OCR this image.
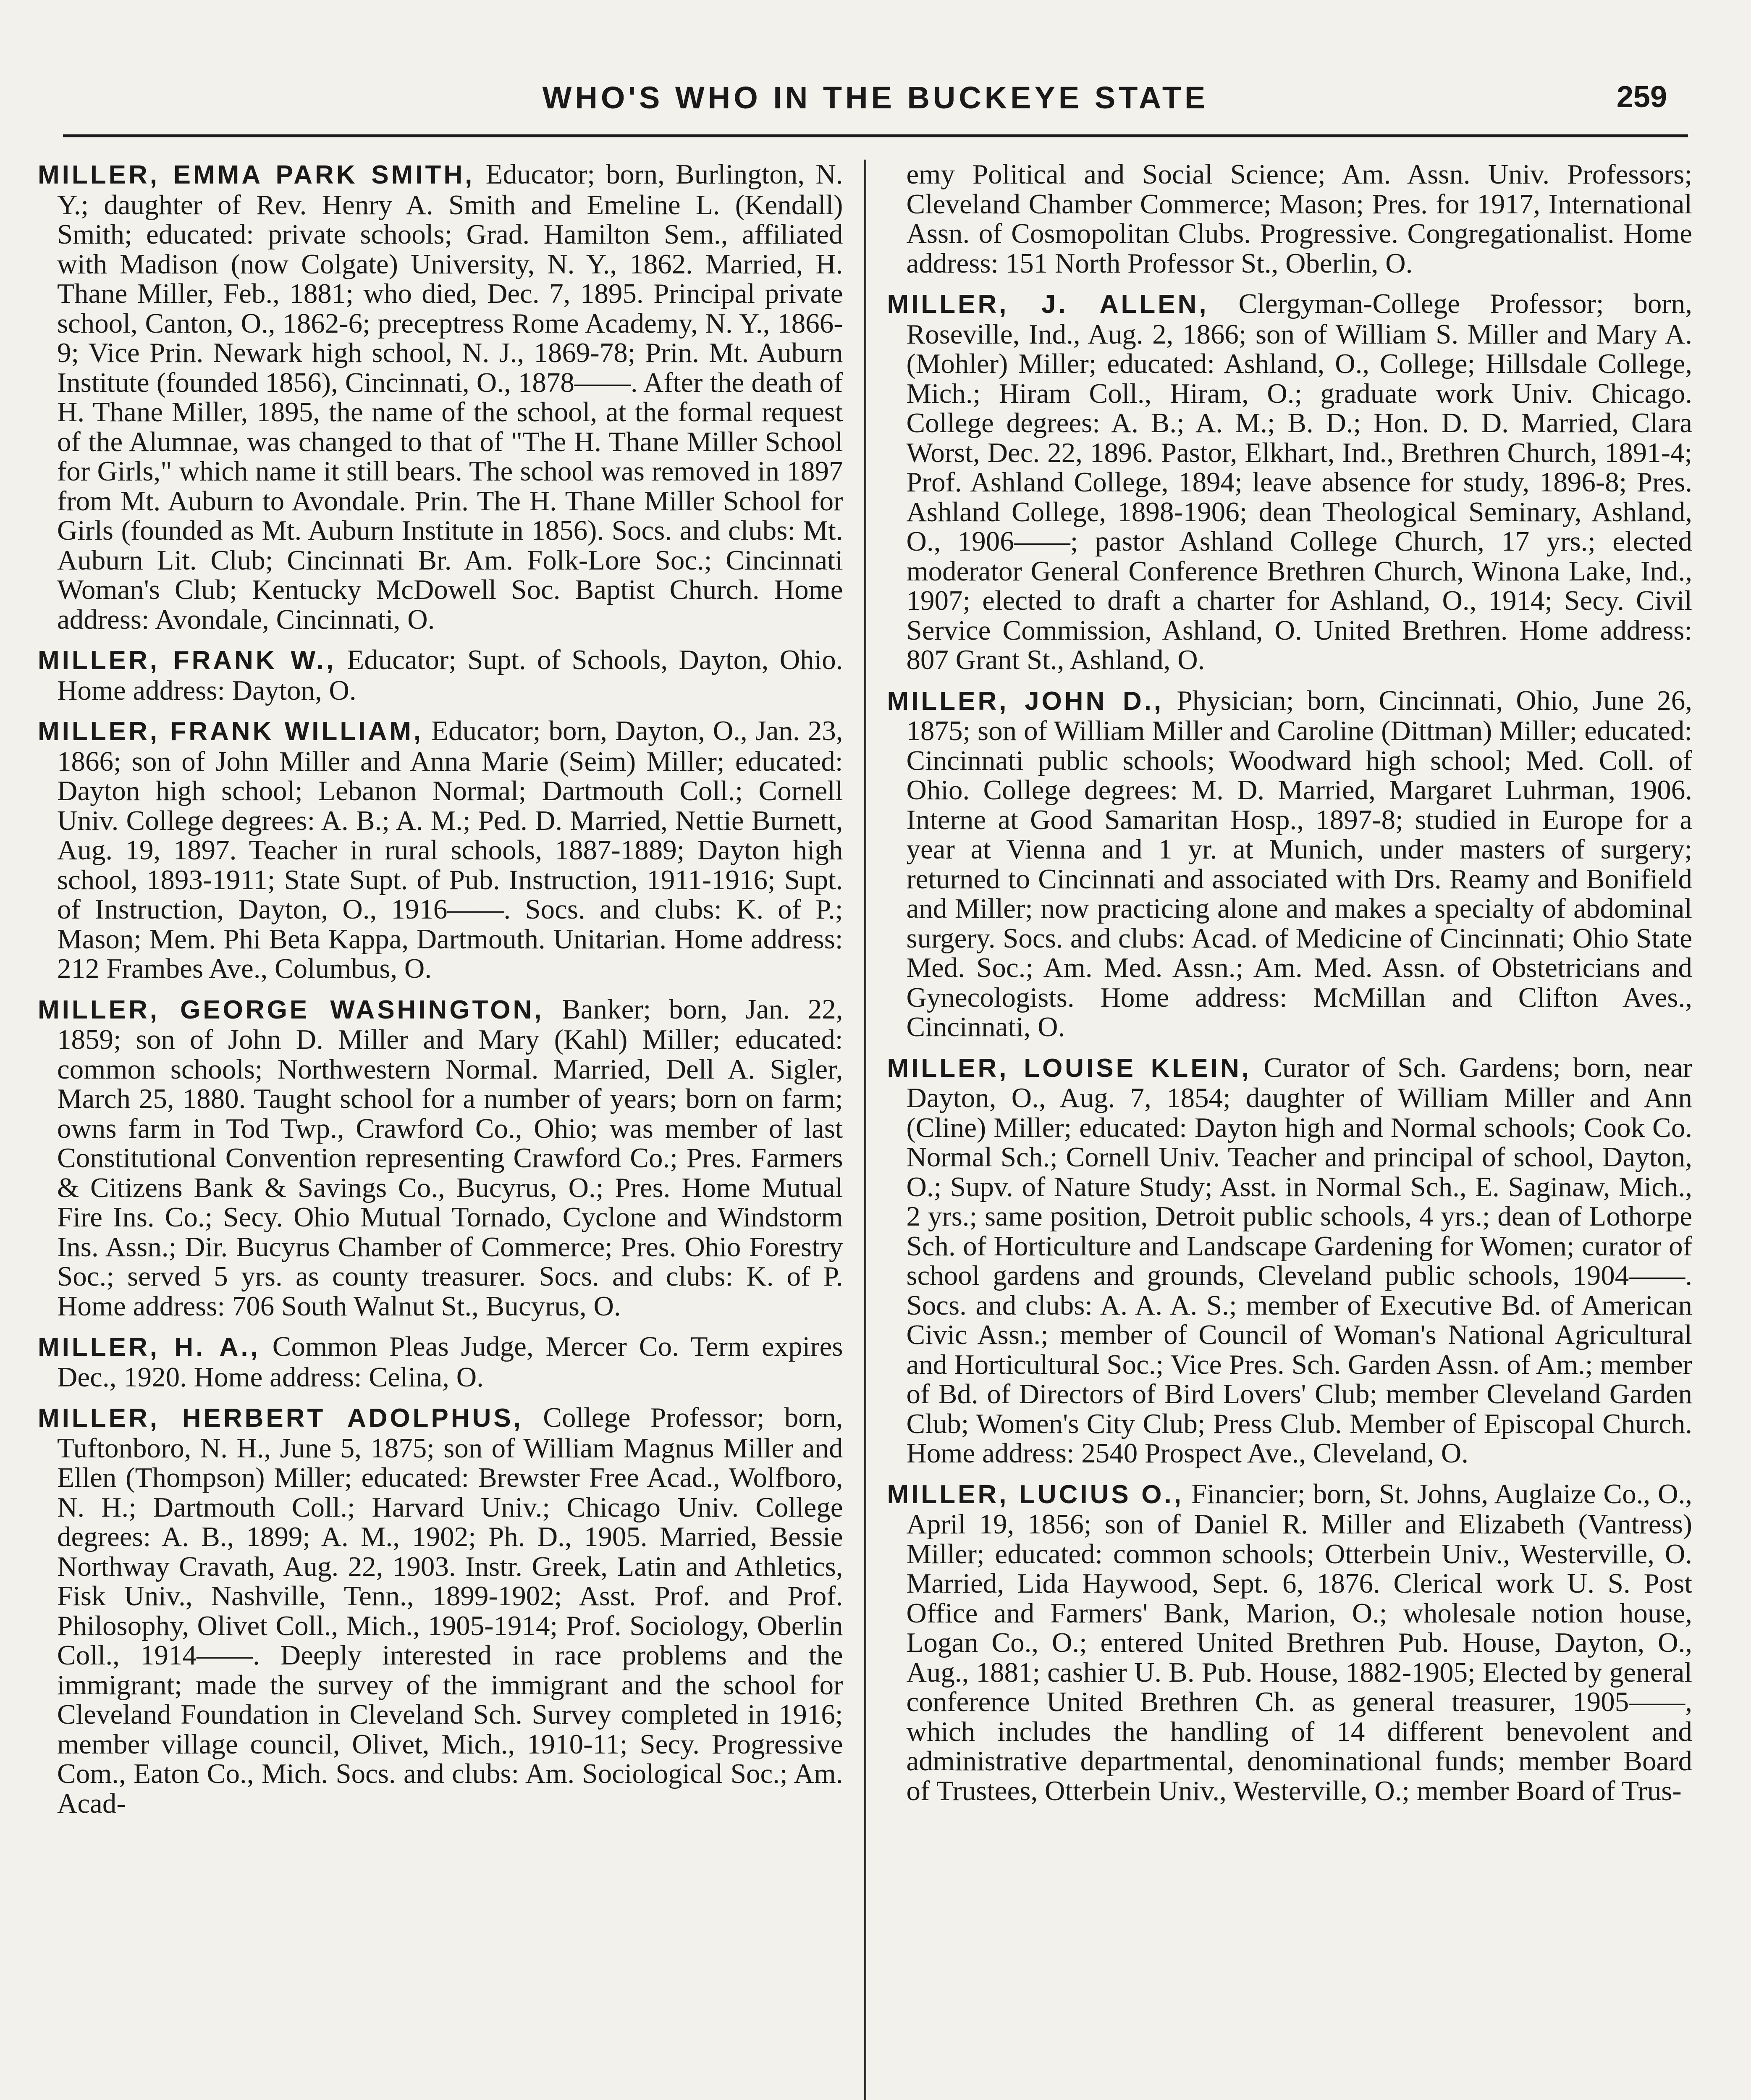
WHO'S WHO IN THE BUCKEYE STATE	259

MILLER, EMMA PARK SMITH, Educator; born, Burlington, N. Y.; daughter of Rev. Henry A. Smith and Emeline L. (Kendall) Smith; educated: private schools; Grad. Hamilton Sem., affiliated with Madison (now Colgate) University, N. Y., 1862. Married, H. Thane Miller, Feb., 1881; who died, Dec. 7, 1895. Principal private school, Canton, O., 1862-6; preceptress Rome Academy, N. Y., 1866-9; Vice Prin. Newark high school, N. J., 1869-78; Prin. Mt. Auburn Institute (founded 1856), Cincinnati, O., 1878——. After the death of H. Thane Miller, 1895, the name of the school, at the formal request of the Alumnae, was changed to that of "The H. Thane Miller School for Girls," which name it still bears. The school was removed in 1897 from Mt. Auburn to Avondale. Prin. The H. Thane Miller School for Girls (founded as Mt. Auburn Institute in 1856). Socs. and clubs: Mt. Auburn Lit. Club; Cincinnati Br. Am. Folk-Lore Soc.; Cincinnati Woman's Club; Kentucky McDowell Soc. Baptist Church. Home address: Avondale, Cincinnati, O.

MILLER, FRANK W., Educator; Supt. of Schools, Dayton, Ohio. Home address: Dayton, O.

MILLER, FRANK WILLIAM, Educator; born, Dayton, O., Jan. 23, 1866; son of John Miller and Anna Marie (Seim) Miller; educated: Dayton high school; Lebanon Normal; Dartmouth Coll.; Cornell Univ. College degrees: A. B.; A. M.; Ped. D. Married, Nettie Burnett, Aug. 19, 1897. Teacher in rural schools, 1887-1889; Dayton high school, 1893-1911; State Supt. of Pub. Instruction, 1911-1916; Supt. of Instruction, Dayton, O., 1916——. Socs. and clubs: K. of P.; Mason; Mem. Phi Beta Kappa, Dartmouth. Unitarian. Home address: 212 Frambes Ave., Columbus, O.

MILLER, GEORGE WASHINGTON, Banker; born, Jan. 22, 1859; son of John D. Miller and Mary (Kahl) Miller; educated: common schools; Northwestern Normal. Married, Dell A. Sigler, March 25, 1880. Taught school for a number of years; born on farm; owns farm in Tod Twp., Crawford Co., Ohio; was member of last Constitutional Convention representing Crawford Co.; Pres. Farmers & Citizens Bank & Savings Co., Bucyrus, O.; Pres. Home Mutual Fire Ins. Co.; Secy. Ohio Mutual Tornado, Cyclone and Windstorm Ins. Assn.; Dir. Bucyrus Chamber of Commerce; Pres. Ohio Forestry Soc.; served 5 yrs. as county treasurer. Socs. and clubs: K. of P. Home address: 706 South Walnut St., Bucyrus, O.

MILLER, H. A., Common Pleas Judge, Mercer Co. Term expires Dec., 1920. Home address: Celina, O.

MILLER, HERBERT ADOLPHUS, College Professor; born, Tuftonboro, N. H., June 5, 1875; son of William Magnus Miller and Ellen (Thompson) Miller; educated: Brewster Free Acad., Wolfboro, N. H.; Dartmouth Coll.; Harvard Univ.; Chicago Univ. College degrees: A. B., 1899; A. M., 1902; Ph. D., 1905. Married, Bessie Northway Cravath, Aug. 22, 1903. Instr. Greek, Latin and Athletics, Fisk Univ., Nashville, Tenn., 1899-1902; Asst. Prof. and Prof. Philosophy, Olivet Coll., Mich., 1905-1914; Prof. Sociology, Oberlin Coll., 1914——. Deeply interested in race problems and the immigrant; made the survey of the immigrant and the school for Cleveland Foundation in Cleveland Sch. Survey completed in 1916; member village council, Olivet, Mich., 1910-11; Secy. Progressive Com., Eaton Co., Mich. Socs. and clubs: Am. Sociological Soc.; Am. Acad-

emy Political and Social Science; Am. Assn. Univ. Professors; Cleveland Chamber Commerce; Mason; Pres. for 1917, International Assn. of Cosmopolitan Clubs. Progressive. Congregationalist. Home address: 151 North Professor St., Oberlin, O.

MILLER, J. ALLEN, Clergyman-College Professor; born, Roseville, Ind., Aug. 2, 1866; son of William S. Miller and Mary A. (Mohler) Miller; educated: Ashland, O., College; Hillsdale College, Mich.; Hiram Coll., Hiram, O.; graduate work Univ. Chicago. College degrees: A. B.; A. M.; B. D.; Hon. D. D. Married, Clara Worst, Dec. 22, 1896. Pastor, Elkhart, Ind., Brethren Church, 1891-4; Prof. Ashland College, 1894; leave absence for study, 1896-8; Pres. Ashland College, 1898-1906; dean Theological Seminary, Ashland, O., 1906——; pastor Ashland College Church, 17 yrs.; elected moderator General Conference Brethren Church, Winona Lake, Ind., 1907; elected to draft a charter for Ashland, O., 1914; Secy. Civil Service Commission, Ashland, O. United Brethren. Home address: 807 Grant St., Ashland, O.

MILLER, JOHN D., Physician; born, Cincinnati, Ohio, June 26, 1875; son of William Miller and Caroline (Dittman) Miller; educated: Cincinnati public schools; Woodward high school; Med. Coll. of Ohio. College degrees: M. D. Married, Margaret Luhrman, 1906. Interne at Good Samaritan Hosp., 1897-8; studied in Europe for a year at Vienna and 1 yr. at Munich, under masters of surgery; returned to Cincinnati and associated with Drs. Reamy and Bonifield and Miller; now practicing alone and makes a specialty of abdominal surgery. Socs. and clubs: Acad. of Medicine of Cincinnati; Ohio State Med. Soc.; Am. Med. Assn.; Am. Med. Assn. of Obstetricians and Gynecologists. Home address: McMillan and Clifton Aves., Cincinnati, O.

MILLER, LOUISE KLEIN, Curator of Sch. Gardens; born, near Dayton, O., Aug. 7, 1854; daughter of William Miller and Ann (Cline) Miller; educated: Dayton high and Normal schools; Cook Co. Normal Sch.; Cornell Univ. Teacher and principal of school, Dayton, O.; Supv. of Nature Study; Asst. in Normal Sch., E. Saginaw, Mich., 2 yrs.; same position, Detroit public schools, 4 yrs.; dean of Lothorpe Sch. of Horticulture and Landscape Gardening for Women; curator of school gardens and grounds, Cleveland public schools, 1904——. Socs. and clubs: A. A. A. S.; member of Executive Bd. of American Civic Assn.; member of Council of Woman's National Agricultural and Horticultural Soc.; Vice Pres. Sch. Garden Assn. of Am.; member of Bd. of Directors of Bird Lovers' Club; member Cleveland Garden Club; Women's City Club; Press Club. Member of Episcopal Church. Home address: 2540 Prospect Ave., Cleveland, O.

MILLER, LUCIUS O., Financier; born, St. Johns, Auglaize Co., O., April 19, 1856; son of Daniel R. Miller and Elizabeth (Vantress) Miller; educated: common schools; Otterbein Univ., Westerville, O. Married, Lida Haywood, Sept. 6, 1876. Clerical work U. S. Post Office and Farmers' Bank, Marion, O.; wholesale notion house, Logan Co., O.; entered United Brethren Pub. House, Dayton, O., Aug., 1881; cashier U. B. Pub. House, 1882-1905; Elected by general conference United Brethren Ch. as general treasurer, 1905——, which includes the handling of 14 different benevolent and administrative departmental, denominational funds; member Board of Trustees, Otterbein Univ., Westerville, O.; member Board of Trus-
